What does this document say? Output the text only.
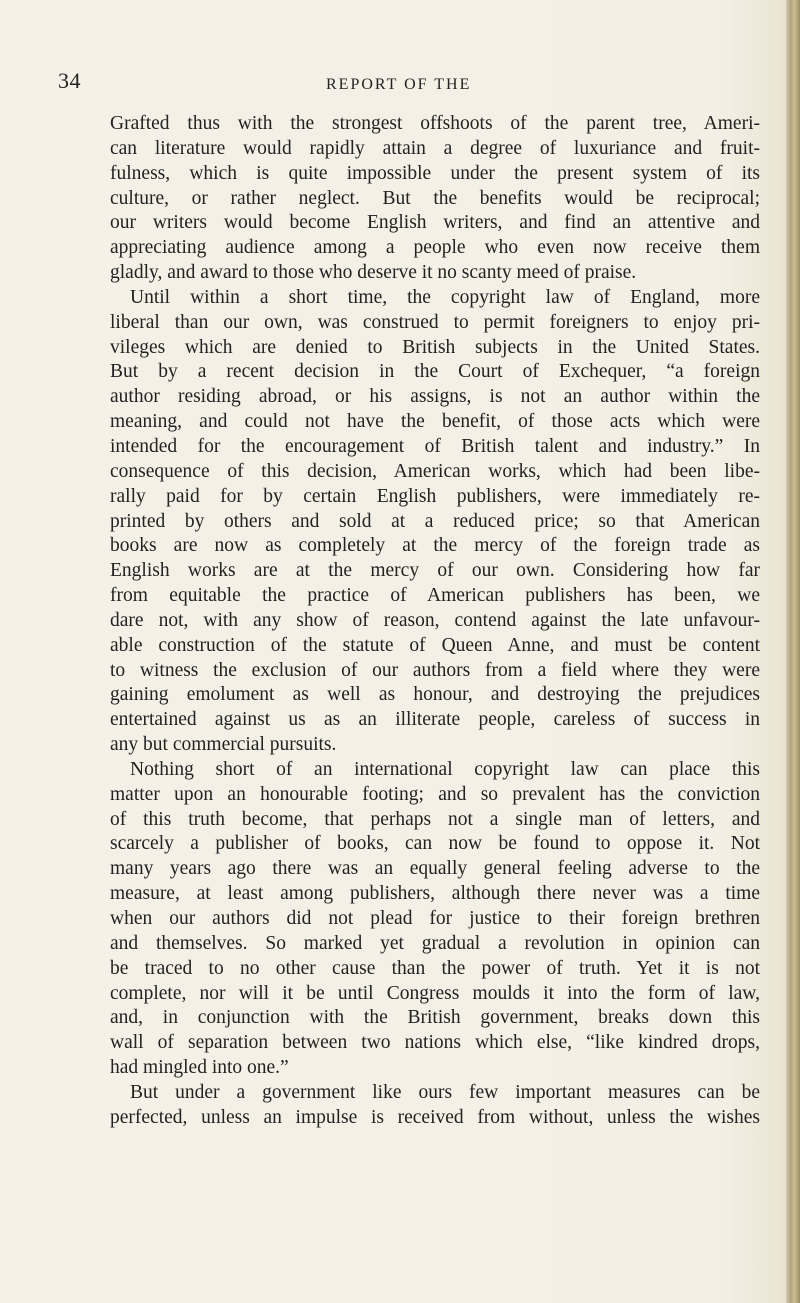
34	REPORT OF THE
Grafted thus with the strongest offshoots of the parent tree, Ameri-
can literature would rapidly attain a degree of luxuriance and fruit-
fulness, which is quite impossible under the present system of its
culture, or rather neglect. But the benefits would be reciprocal;
our writers would become English writers, and find an attentive and
appreciating audience among a people who even now receive them
gladly, and award to those who deserve it no scanty meed of praise.
Until within a short time, the copyright law of England, more
liberal than our own, was construed to permit foreigners to enjoy pri-
vileges which are denied to British subjects in the United States.
But by a recent decision in the Court of Exchequer, “a foreign
author residing abroad, or his assigns, is not an author within the
meaning, and could not have the benefit, of those acts which were
intended for the encouragement of British talent and industry.” In
consequence of this decision, American works, which had been libe-
rally paid for by certain English publishers, were immediately re-
printed by others and sold at a reduced price; so that American
books are now as completely at the mercy of the foreign trade as
English works are at the mercy of our own. Considering how far
from equitable the practice of American publishers has been, we
dare not, with any show of reason, contend against the late unfavour-
able construction of the statute of Queen Anne, and must be content
to witness the exclusion of our authors from a field where they were
gaining emolument as well as honour, and destroying the prejudices
entertained against us as an illiterate people, careless of success in
any but commercial pursuits.
Nothing short of an international copyright law can place this
matter upon an honourable footing; and so prevalent has the conviction
of this truth become, that perhaps not a single man of letters, and
scarcely a publisher of books, can now be found to oppose it. Not
many years ago there was an equally general feeling adverse to the
measure, at least among publishers, although there never was a time
when our authors did not plead for justice to their foreign brethren
and themselves. So marked yet gradual a revolution in opinion can
be traced to no other cause than the power of truth. Yet it is not
complete, nor will it be until Congress moulds it into the form of law,
and, in conjunction with the British government, breaks down this
wall of separation between two nations which else, “like kindred drops,
had mingled into one.”
But under a government like ours few important measures can be
perfected, unless an impulse is received from without, unless the wishes
